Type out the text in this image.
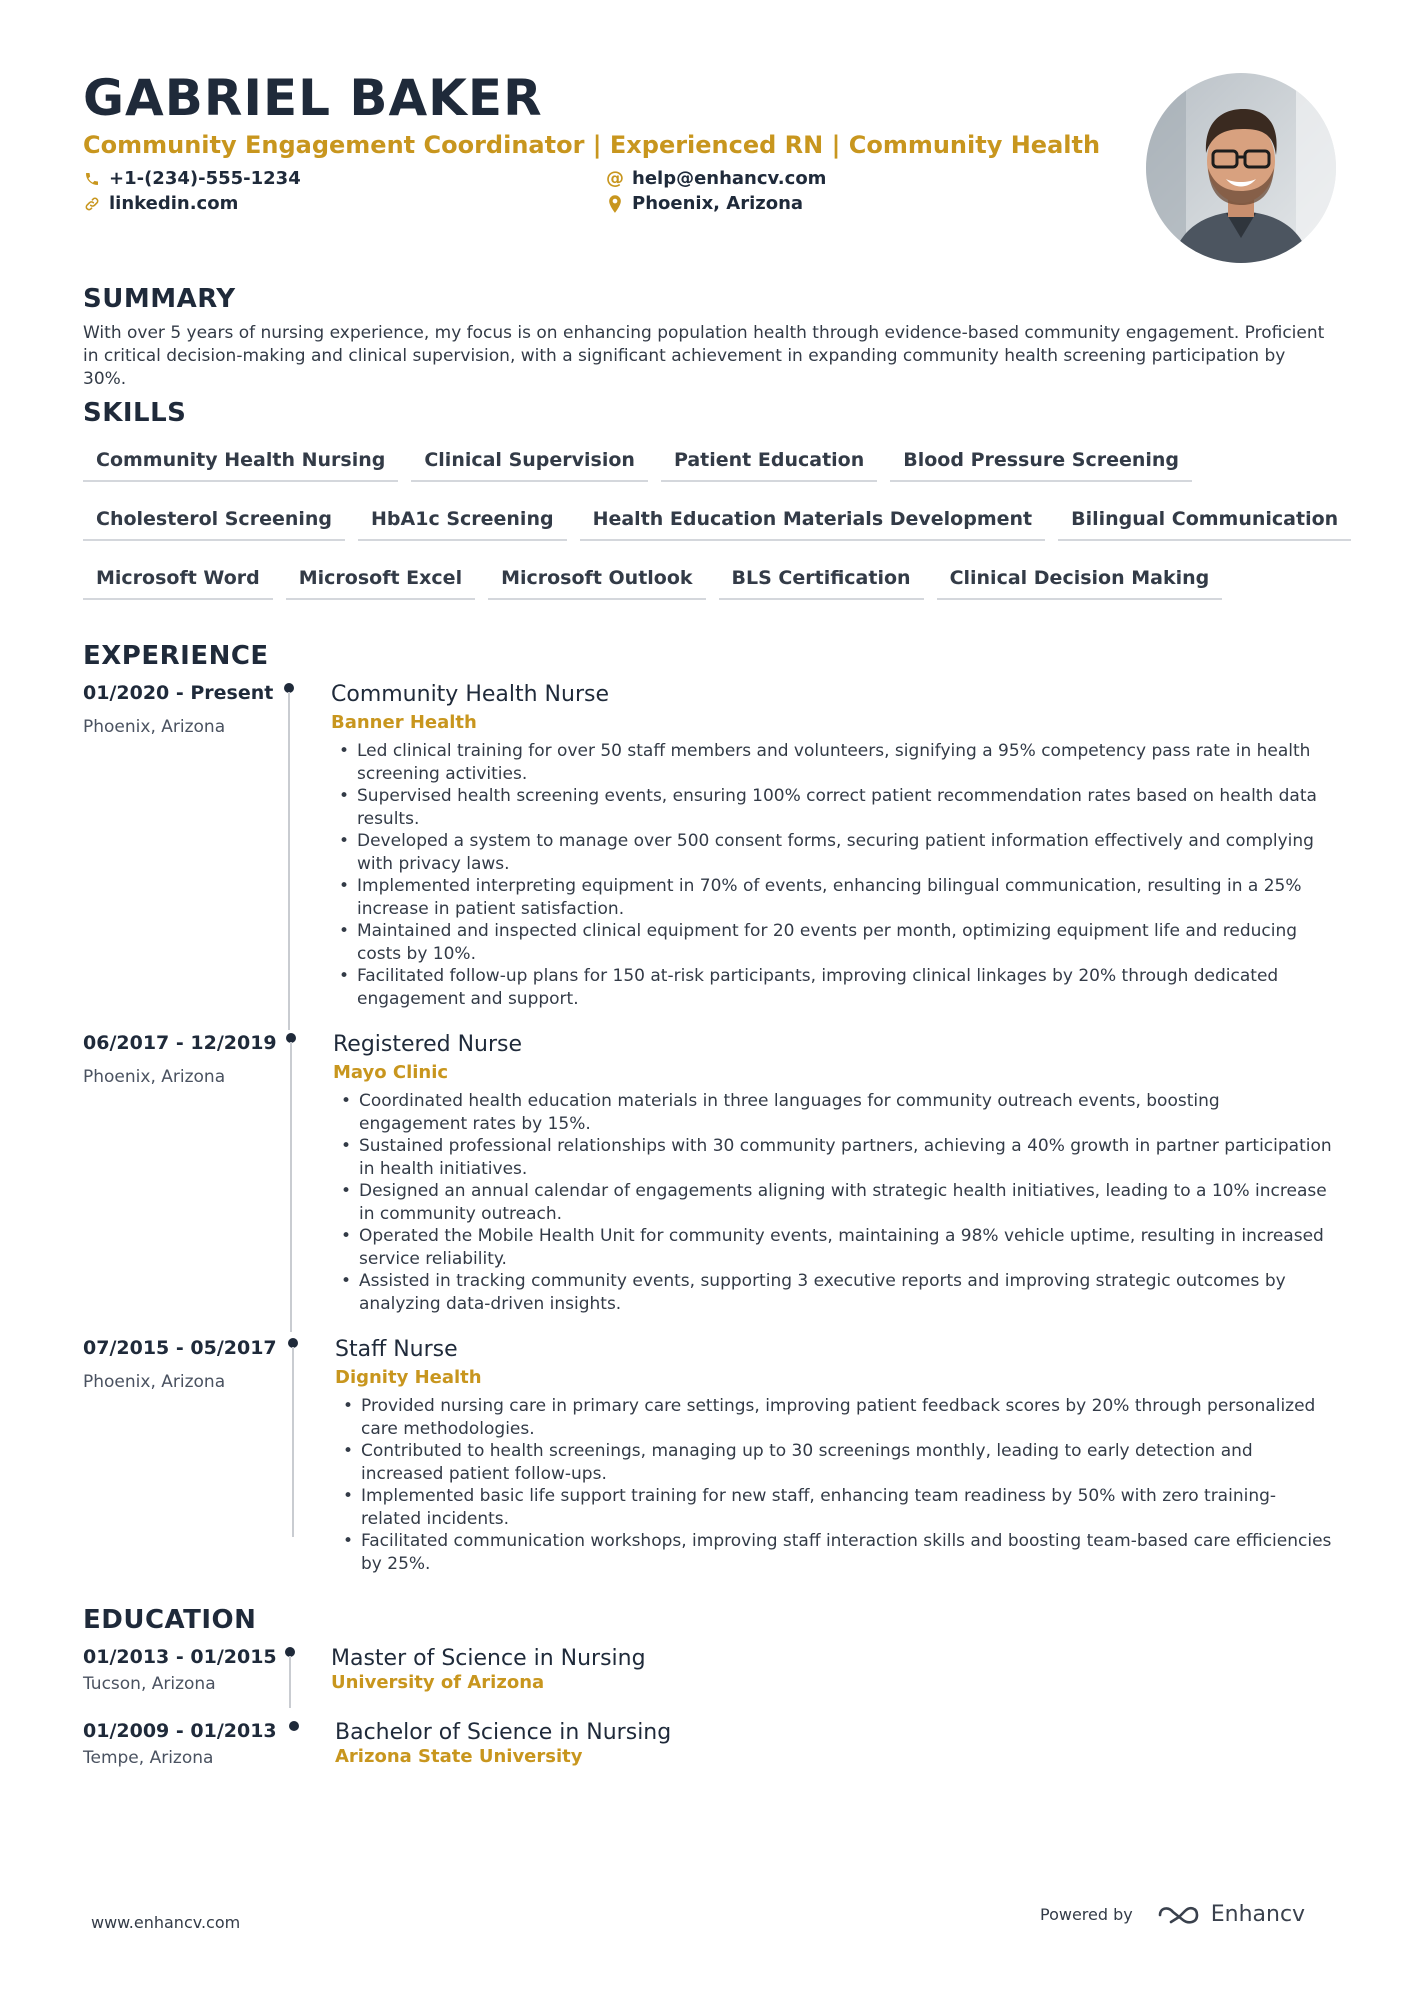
GABRIEL BAKER
Community Engagement Coordinator | Experienced RN | Community Health
+1-(234)-555-1234
linkedin.com
@ help@enhancv.com
Phoenix, Arizona
SUMMARY
With over 5 years of nursing experience, my focus is on enhancing population health through evidence-based community engagement. Proficient in critical decision-making and clinical supervision, with a significant achievement in expanding community health screening participation by 30%.
SKILLS
Community Health Nursing	Clinical Supervision	Patient Education	Blood Pressure Screening
Cholesterol Screening	HbA1c Screening	Health Education Materials Development	Bilingual Communication
Microsoft Word	Microsoft Excel	Microsoft Outlook	BLS Certification	Clinical Decision Making
EXPERIENCE
01/2020 - Present
Phoenix, Arizona
Community Health Nurse
Banner Health
• Led clinical training for over 50 staff members and volunteers, signifying a 95% competency pass rate in health screening activities.
• Supervised health screening events, ensuring 100% correct patient recommendation rates based on health data results.
• Developed a system to manage over 500 consent forms, securing patient information effectively and complying with privacy laws.
• Implemented interpreting equipment in 70% of events, enhancing bilingual communication, resulting in a 25% increase in patient satisfaction.
• Maintained and inspected clinical equipment for 20 events per month, optimizing equipment life and reducing costs by 10%.
• Facilitated follow-up plans for 150 at-risk participants, improving clinical linkages by 20% through dedicated engagement and support.
06/2017 - 12/2019
Phoenix, Arizona
Registered Nurse
Mayo Clinic
• Coordinated health education materials in three languages for community outreach events, boosting engagement rates by 15%.
• Sustained professional relationships with 30 community partners, achieving a 40% growth in partner participation in health initiatives.
• Designed an annual calendar of engagements aligning with strategic health initiatives, leading to a 10% increase in community outreach.
• Operated the Mobile Health Unit for community events, maintaining a 98% vehicle uptime, resulting in increased service reliability.
• Assisted in tracking community events, supporting 3 executive reports and improving strategic outcomes by analyzing data-driven insights.
07/2015 - 05/2017
Phoenix, Arizona
Staff Nurse
Dignity Health
• Provided nursing care in primary care settings, improving patient feedback scores by 20% through personalized care methodologies.
• Contributed to health screenings, managing up to 30 screenings monthly, leading to early detection and increased patient follow-ups.
• Implemented basic life support training for new staff, enhancing team readiness by 50% with zero training-related incidents.
• Facilitated communication workshops, improving staff interaction skills and boosting team-based care efficiencies by 25%.
EDUCATION
01/2013 - 01/2015
Tucson, Arizona
Master of Science in Nursing
University of Arizona
01/2009 - 01/2013
Tempe, Arizona
Bachelor of Science in Nursing
Arizona State University
www.enhancv.com	Powered by	Enhancv
